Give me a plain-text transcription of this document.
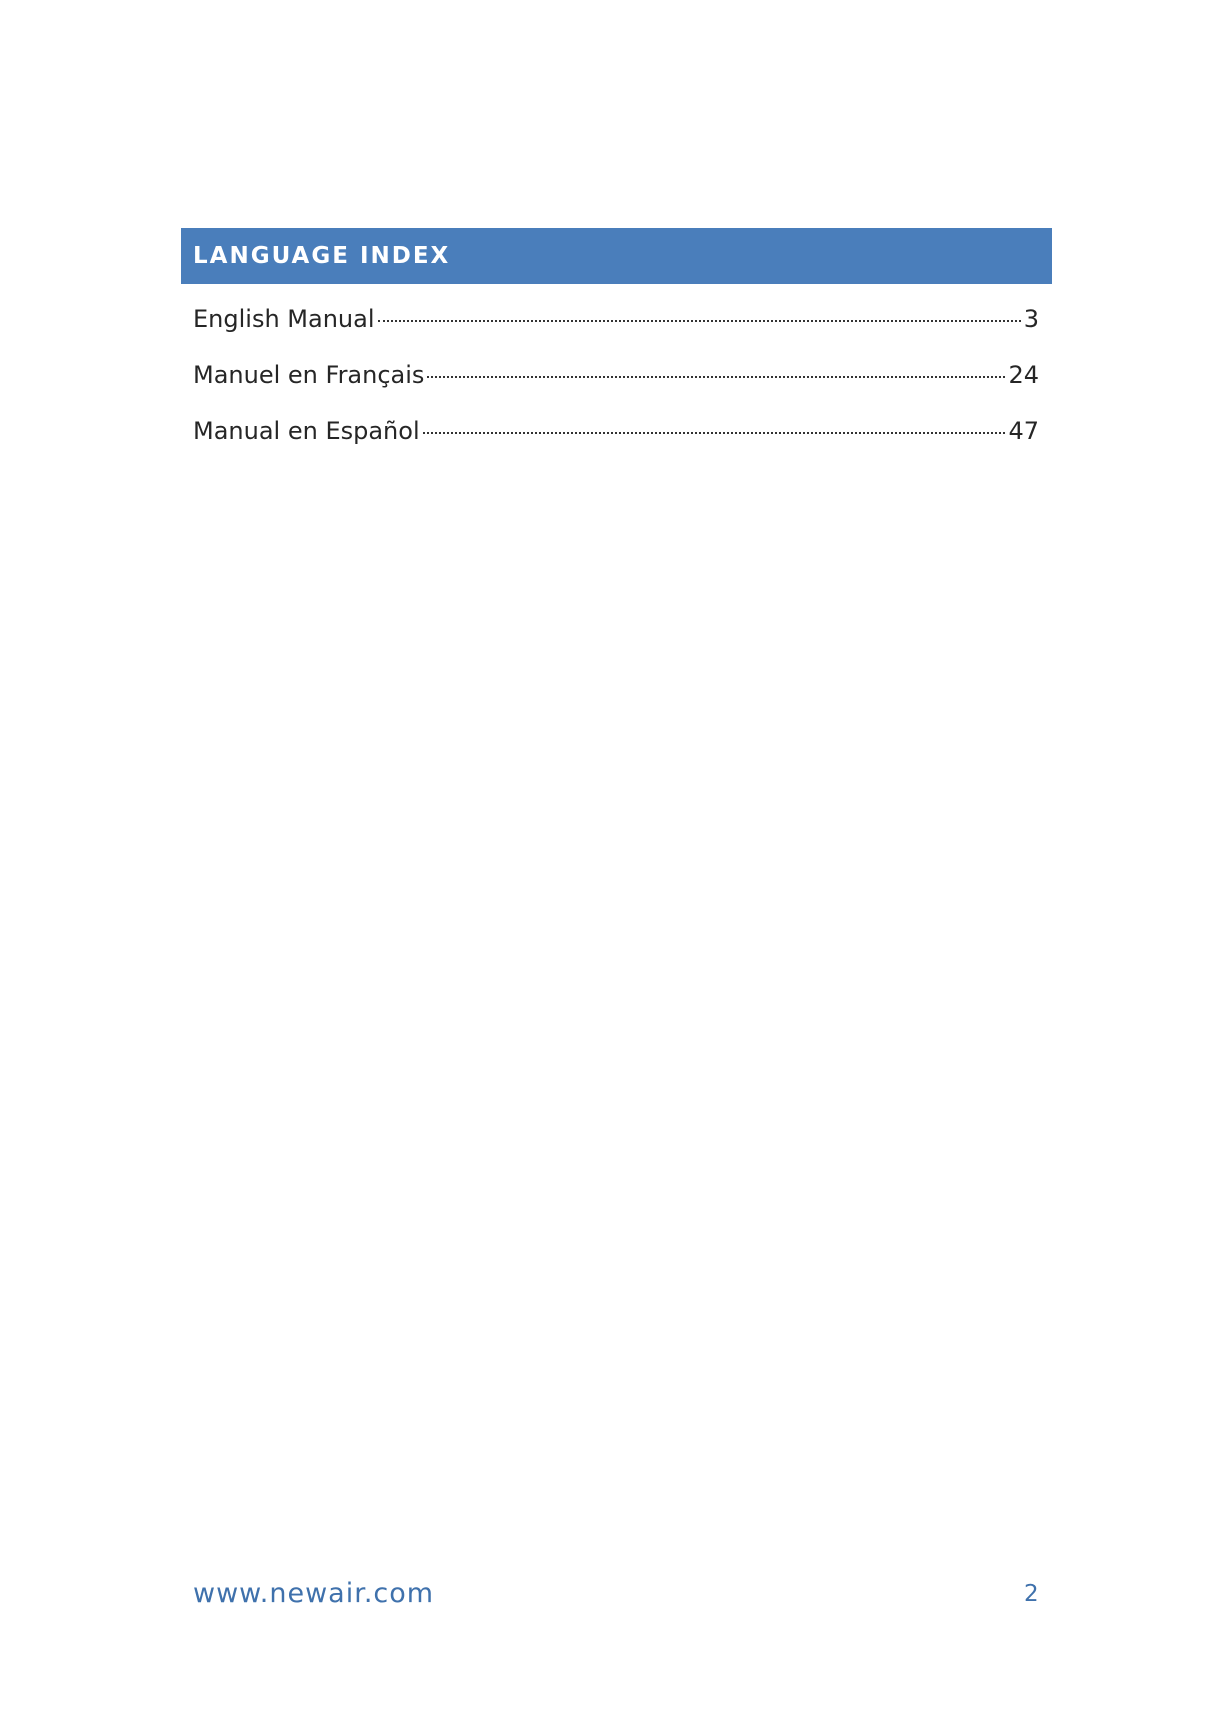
LANGUAGE INDEX
English Manual	3
Manuel en Français	24
Manual en Español	47
www.newair.com	2
